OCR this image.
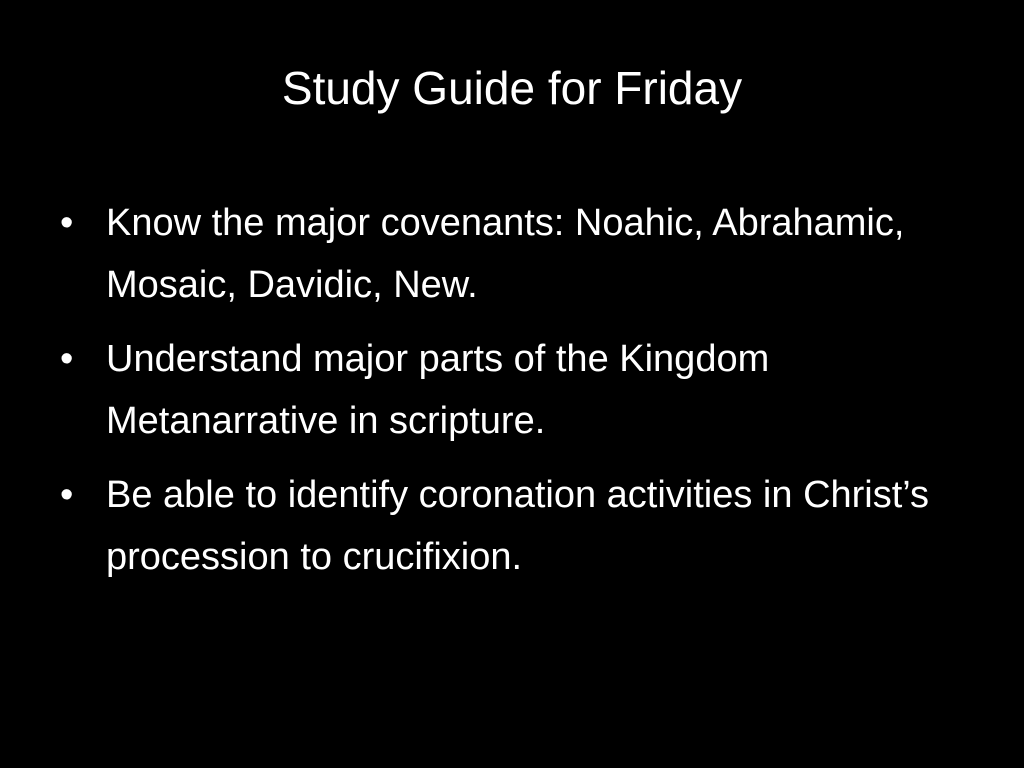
Study Guide for Friday
• Know the major covenants: Noahic, Abrahamic, Mosaic, Davidic, New.
• Understand major parts of the Kingdom Metanarrative in scripture.
• Be able to identify coronation activities in Christ’s procession to crucifixion.
